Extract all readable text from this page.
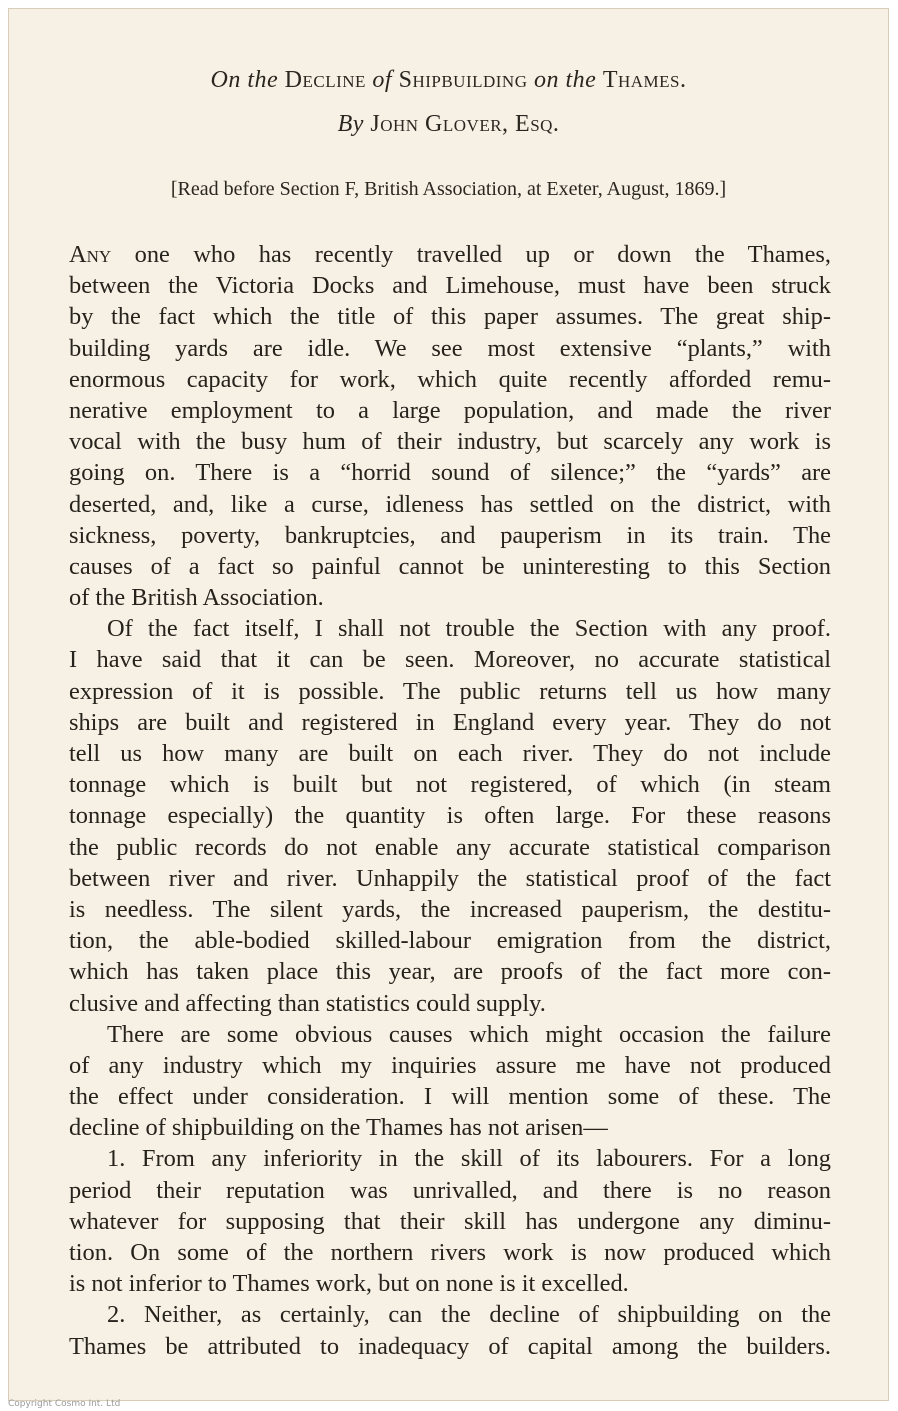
On the Decline of Shipbuilding on the Thames.
By John Glover, Esq.
[Read before Section F, British Association, at Exeter, August, 1869.]
Any one who has recently travelled up or down the Thames,
between the Victoria Docks and Limehouse, must have been struck
by the fact which the title of this paper assumes. The great ship-
building yards are idle. We see most extensive “plants,” with
enormous capacity for work, which quite recently afforded remu-
nerative employment to a large population, and made the river
vocal with the busy hum of their industry, but scarcely any work is
going on. There is a “horrid sound of silence;” the “yards” are
deserted, and, like a curse, idleness has settled on the district, with
sickness, poverty, bankruptcies, and pauperism in its train. The
causes of a fact so painful cannot be uninteresting to this Section
of the British Association.
Of the fact itself, I shall not trouble the Section with any proof.
I have said that it can be seen. Moreover, no accurate statistical
expression of it is possible. The public returns tell us how many
ships are built and registered in England every year. They do not
tell us how many are built on each river. They do not include
tonnage which is built but not registered, of which (in steam
tonnage especially) the quantity is often large. For these reasons
the public records do not enable any accurate statistical comparison
between river and river. Unhappily the statistical proof of the fact
is needless. The silent yards, the increased pauperism, the destitu-
tion, the able-bodied skilled-labour emigration from the district,
which has taken place this year, are proofs of the fact more con-
clusive and affecting than statistics could supply.
There are some obvious causes which might occasion the failure
of any industry which my inquiries assure me have not produced
the effect under consideration. I will mention some of these. The
decline of shipbuilding on the Thames has not arisen—
1. From any inferiority in the skill of its labourers. For a long
period their reputation was unrivalled, and there is no reason
whatever for supposing that their skill has undergone any diminu-
tion. On some of the northern rivers work is now produced which
is not inferior to Thames work, but on none is it excelled.
2. Neither, as certainly, can the decline of shipbuilding on the
Thames be attributed to inadequacy of capital among the builders.
Copyright Cosmo Int. Ltd
